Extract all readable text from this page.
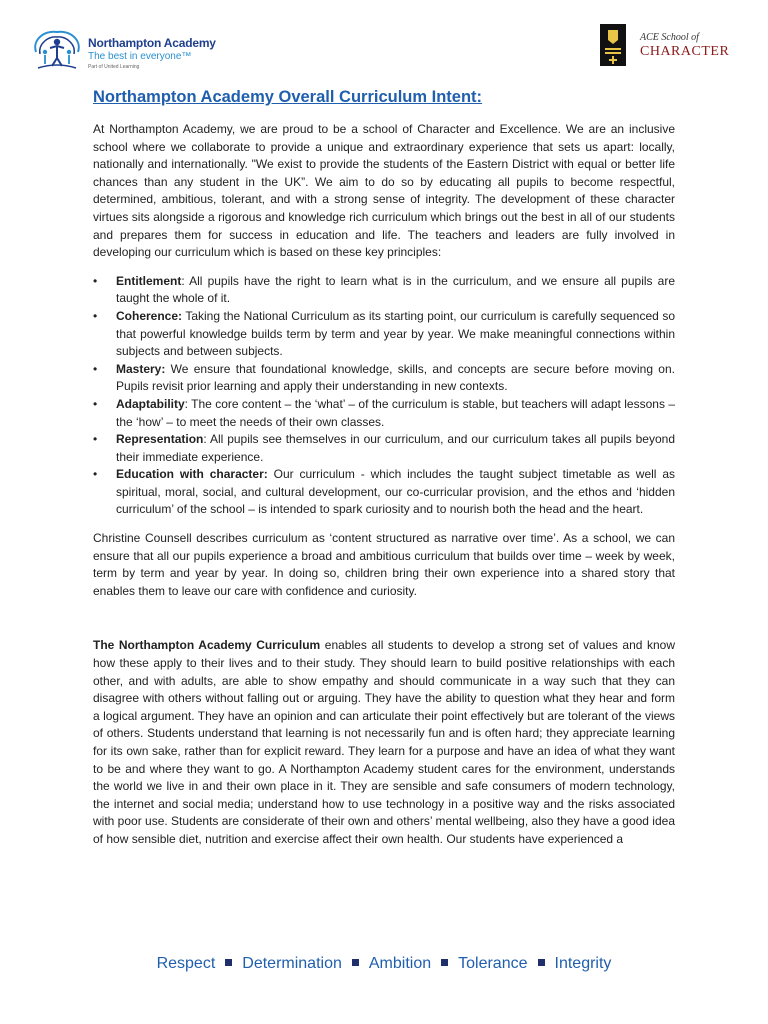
Northampton Academy
The best in everyone™
Part of United Learning
ACE School of
CHARACTER
Northampton Academy Overall Curriculum Intent:

At Northampton Academy, we are proud to be a school of Character and Excellence. We are an inclusive school where we collaborate to provide a unique and extraordinary experience that sets us apart: locally, nationally and internationally. "We exist to provide the students of the Eastern District with equal or better life chances than any student in the UK”. We aim to do so by educating all pupils to become respectful, determined, ambitious, tolerant, and with a strong sense of integrity. The development of these character virtues sits alongside a rigorous and knowledge rich curriculum which brings out the best in all of our students and prepares them for success in education and life. The teachers and leaders are fully involved in developing our curriculum which is based on these key principles:

• Entitlement: All pupils have the right to learn what is in the curriculum, and we ensure all pupils are taught the whole of it.
• Coherence: Taking the National Curriculum as its starting point, our curriculum is carefully sequenced so that powerful knowledge builds term by term and year by year. We make meaningful connections within subjects and between subjects.
• Mastery: We ensure that foundational knowledge, skills, and concepts are secure before moving on. Pupils revisit prior learning and apply their understanding in new contexts.
• Adaptability: The core content – the ‘what’ – of the curriculum is stable, but teachers will adapt lessons – the ‘how’ – to meet the needs of their own classes.
• Representation: All pupils see themselves in our curriculum, and our curriculum takes all pupils beyond their immediate experience.
• Education with character: Our curriculum - which includes the taught subject timetable as well as spiritual, moral, social, and cultural development, our co-curricular provision, and the ethos and ‘hidden curriculum’ of the school – is intended to spark curiosity and to nourish both the head and the heart.

Christine Counsell describes curriculum as ‘content structured as narrative over time’. As a school, we can ensure that all our pupils experience a broad and ambitious curriculum that builds over time – week by week, term by term and year by year. In doing so, children bring their own experience into a shared story that enables them to leave our care with confidence and curiosity.

The Northampton Academy Curriculum enables all students to develop a strong set of values and know how these apply to their lives and to their study. They should learn to build positive relationships with each other, and with adults, are able to show empathy and should communicate in a way such that they can disagree with others without falling out or arguing. They have the ability to question what they hear and form a logical argument. They have an opinion and can articulate their point effectively but are tolerant of the views of others. Students understand that learning is not necessarily fun and is often hard; they appreciate learning for its own sake, rather than for explicit reward. They learn for a purpose and have an idea of what they want to be and where they want to go. A Northampton Academy student cares for the environment, understands the world we live in and their own place in it. They are sensible and safe consumers of modern technology, the internet and social media; understand how to use technology in a positive way and the risks associated with poor use. Students are considerate of their own and others’ mental wellbeing, also they have a good idea of how sensible diet, nutrition and exercise affect their own health. Our students have experienced a

Respect Determination Ambition Tolerance Integrity
